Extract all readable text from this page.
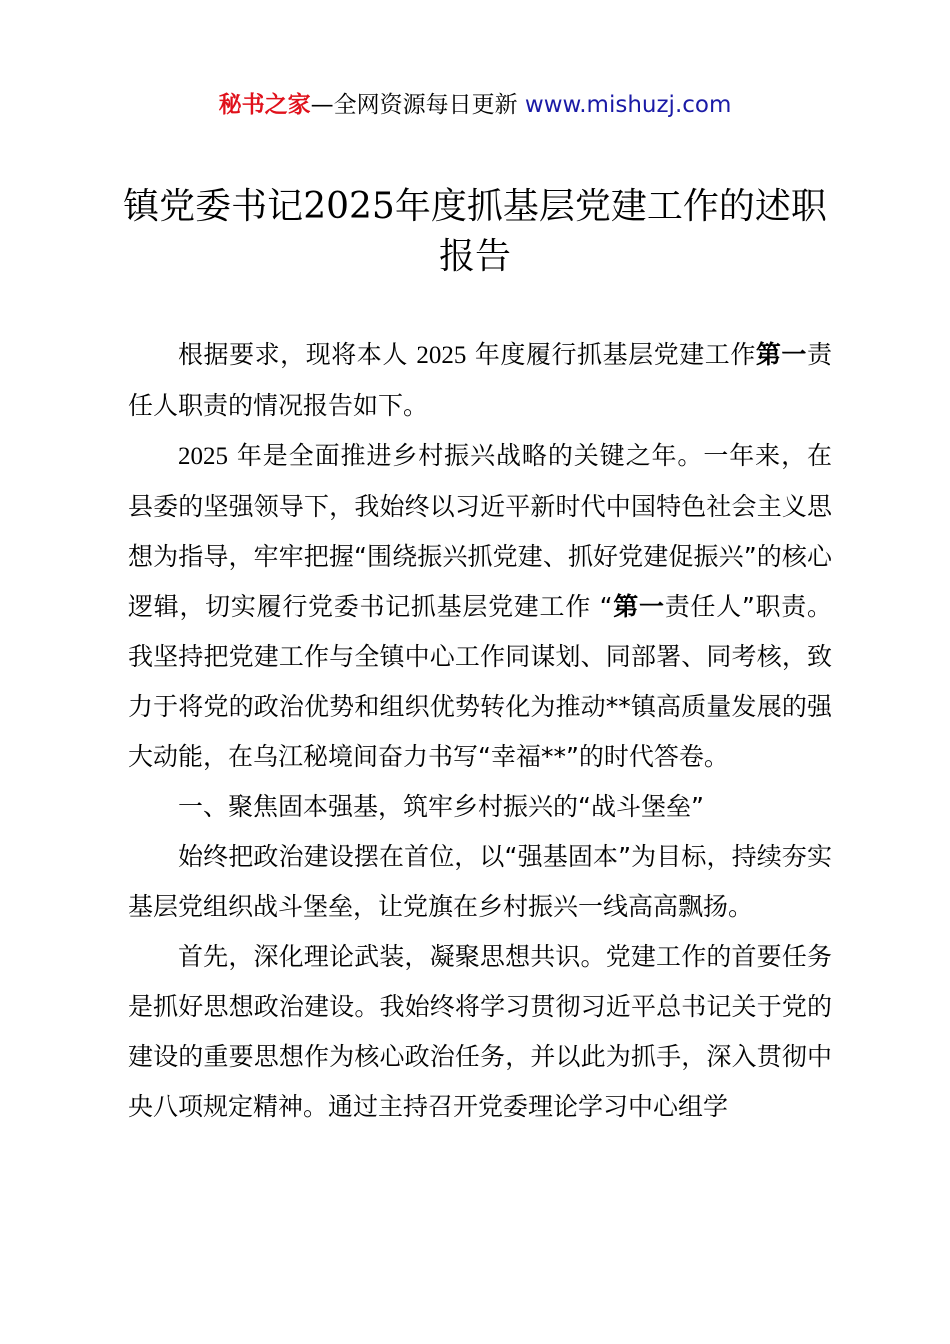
秘书之家—全网资源每日更新 www.mishuzj.com
镇党委书记2025年度抓基层党建工作的述职报告

根据要求，现将本人 2025 年度履行抓基层党建工作第一责任人职责的情况报告如下。

2025 年是全面推进乡村振兴战略的关键之年。一年来，在县委的坚强领导下，我始终以习近平新时代中国特色社会主义思想为指导，牢牢把握“围绕振兴抓党建、抓好党建促振兴”的核心逻辑，切实履行党委书记抓基层党建工作 “第一责任人”职责。我坚持把党建工作与全镇中心工作同谋划、同部署、同考核，致力于将党的政治优势和组织优势转化为推动**镇高质量发展的强大动能，在乌江秘境间奋力书写“幸福**”的时代答卷。

一、聚焦固本强基，筑牢乡村振兴的“战斗堡垒”

始终把政治建设摆在首位，以“强基固本”为目标，持续夯实基层党组织战斗堡垒，让党旗在乡村振兴一线高高飘扬。

首先，深化理论武装，凝聚思想共识。党建工作的首要任务是抓好思想政治建设。我始终将学习贯彻习近平总书记关于党的建设的重要思想作为核心政治任务，并以此为抓手，深入贯彻中央八项规定精神。通过主持召开党委理论学习中心组学
